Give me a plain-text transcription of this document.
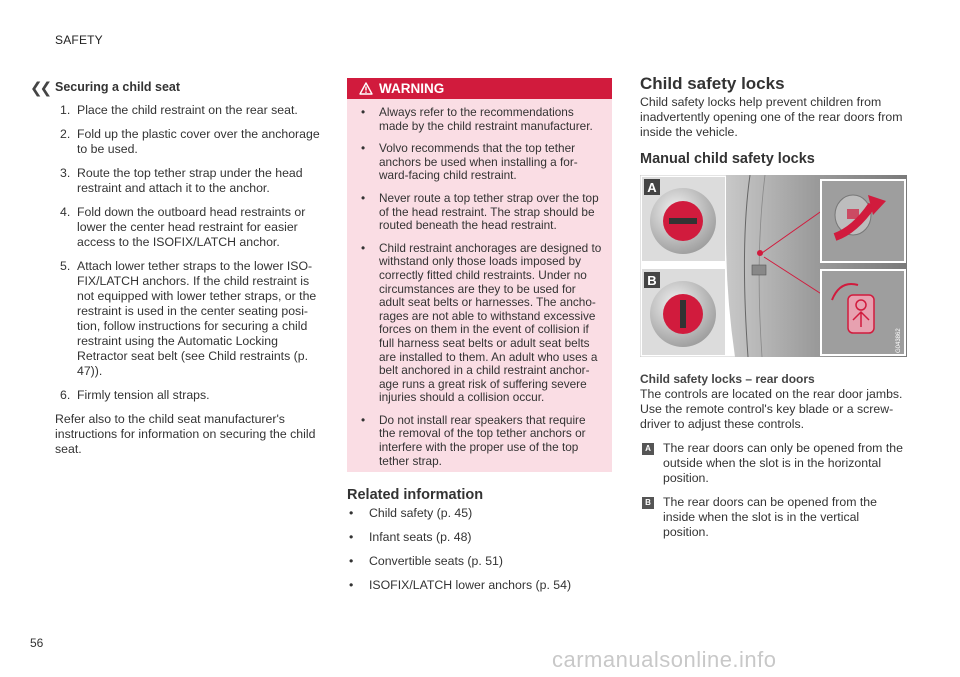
SAFETY
❮❮ Securing a child seat
1. Place the child restraint on the rear seat.
2. Fold up the plastic cover over the anchorage to be used.
3. Route the top tether strap under the head restraint and attach it to the anchor.
4. Fold down the outboard head restraints or lower the center head restraint for easier access to the ISOFIX/LATCH anchor.
5. Attach lower tether straps to the lower ISO-FIX/LATCH anchors. If the child restraint is not equipped with lower tether straps, or the restraint is used in the center seating posi-tion, follow instructions for securing a child restraint using the Automatic Locking Retractor seat belt (see Child restraints (p. 47)).
6. Firmly tension all straps.
Refer also to the child seat manufacturer's instructions for information on securing the child seat.
WARNING
• Always refer to the recommendations made by the child restraint manufacturer.
• Volvo recommends that the top tether anchors be used when installing a for-ward-facing child restraint.
• Never route a top tether strap over the top of the head restraint. The strap should be routed beneath the head restraint.
• Child restraint anchorages are designed to withstand only those loads imposed by correctly fitted child restraints. Under no circumstances are they to be used for adult seat belts or harnesses. The ancho-rages are not able to withstand excessive forces on them in the event of collision if full harness seat belts or adult seat belts are installed to them. An adult who uses a belt anchored in a child restraint anchor-age runs a great risk of suffering severe injuries should a collision occur.
• Do not install rear speakers that require the removal of the top tether anchors or interfere with the proper use of the top tether strap.
Related information
• Child safety (p. 45)
• Infant seats (p. 48)
• Convertible seats (p. 51)
• ISOFIX/LATCH lower anchors (p. 54)
Child safety locks

Child safety locks help prevent children from inadvertently opening one of the rear doors from inside the vehicle.

Manual child safety locks
A
B
G043862
Child safety locks – rear doors

The controls are located on the rear door jambs. Use the remote control's key blade or a screw-driver to adjust these controls.

A The rear doors can only be opened from the outside when the slot is in the horizontal position.
B The rear doors can be opened from the inside when the slot is in the vertical position.
56
carmanualsonline.info
